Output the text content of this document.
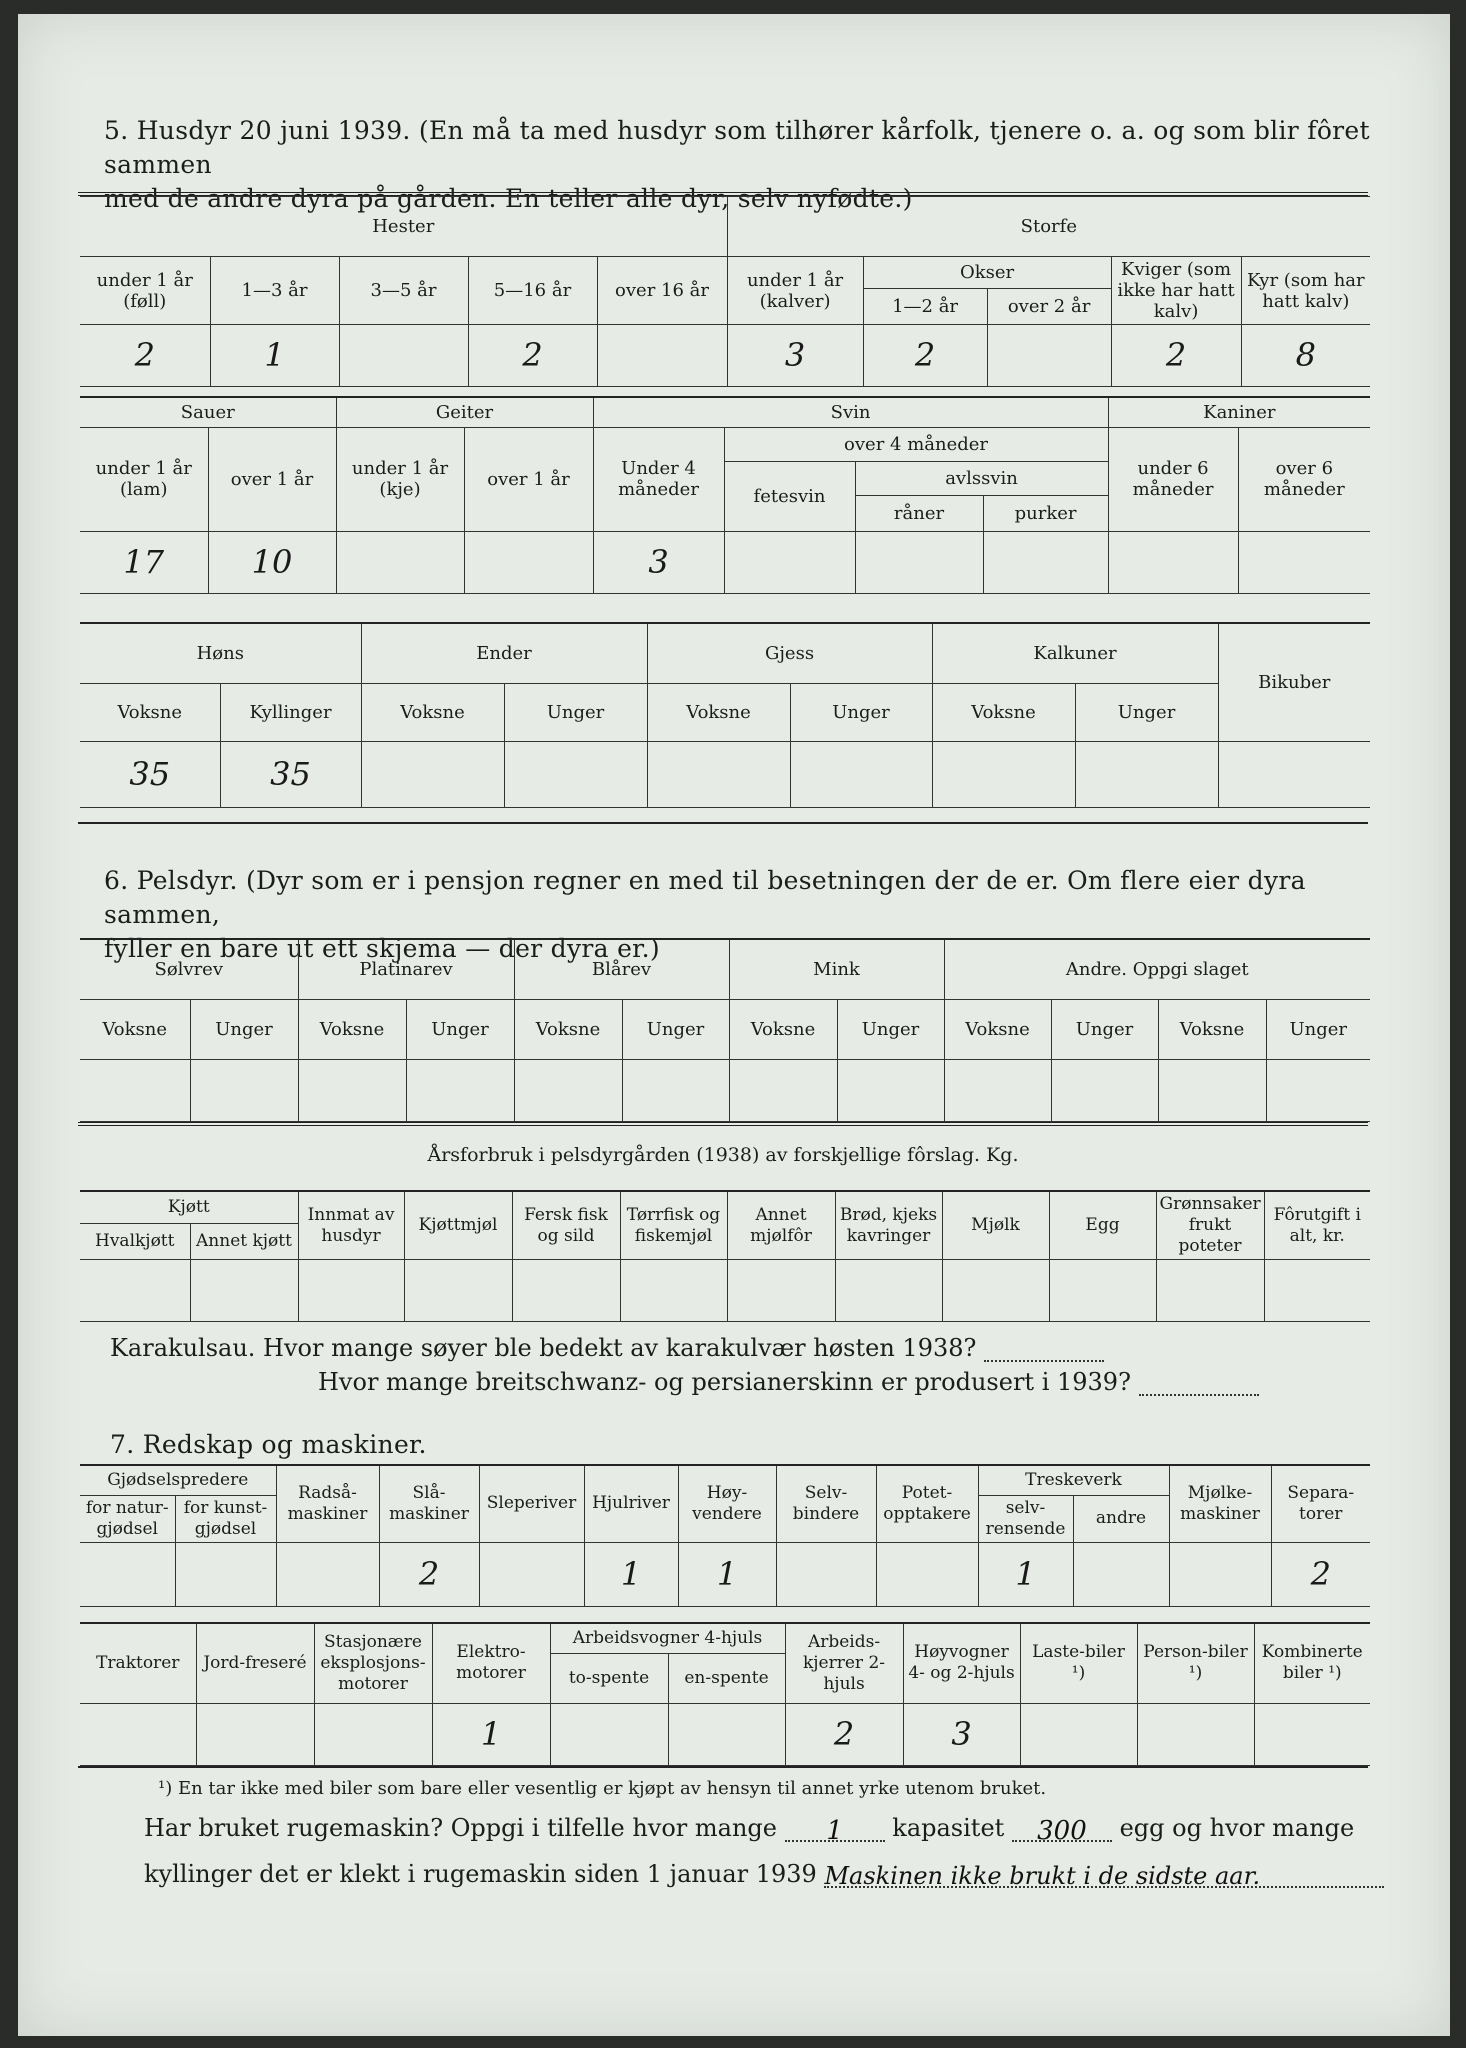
5. Husdyr 20 juni 1939. (En må ta med husdyr som tilhører kårfolk, tjenere o. a. og som blir fôret sammen
med de andre dyra på gården. En teller alle dyr, selv nyfødte.)
Hester					Storfe				
under 1 år (føll)	1—3 år	3—5 år	5—16 år	over 16 år	under 1 år (kalver)	Okser		Kviger (som ikke har hatt kalv)	Kyr (som har hatt kalv)
						1—2 år	over 2 år		
2	1		2		3	2		2	8
Sauer		Geiter		Svin				Kaniner	
under 1 år (lam)	over 1 år	under 1 år (kje)	over 1 år	Under 4 måneder	over 4 måneder			under 6 måneder	over 6 måneder
					fetesvin	avlssvin			
						råner	purker		
17	10			3					
Høns		Ender		Gjess		Kalkuner		Bikuber
Voksne	Kyllinger	Voksne	Unger	Voksne	Unger	Voksne	Unger	
35	35							
6. Pelsdyr. (Dyr som er i pensjon regner en med til besetningen der de er. Om flere eier dyra sammen,
fyller en bare ut ett skjema — der dyra er.)
Sølvrev		Platinarev		Blårev		Mink		Andre. Oppgi slaget			
Voksne	Unger	Voksne	Unger	Voksne	Unger	Voksne	Unger	Voksne	Unger	Voksne	Unger

Årsforbruk i pelsdyrgården (1938) av forskjellige fôrslag. Kg.
Kjøtt		Innmat av husdyr	Kjøttmjøl	Fersk fisk og sild	Tørrfisk og fiskemjøl	Annet mjølfôr	Brød, kjeks kavringer	Mjølk	Egg	Grønnsaker frukt poteter	Fôrutgift i alt, kr.
Hvalkjøtt	Annet kjøtt										

Karakulsau. Hvor mange søyer ble bedekt av karakulvær høsten 1938?
Hvor mange breitschwanz- og persianerskinn er produsert i 1939?
7. Redskap og maskiner.
Gjødselspredere		Radså-maskiner	Slå-maskiner	Sleperiver	Hjulriver	Høy-vendere	Selv-bindere	Potet-opptakere	Treskeverk		Mjølke-maskiner	Separa-torer
for natur-gjødsel	for kunst-gjødsel								selv-rensende	andre		
			2		1	1			1			2
Traktorer	Jord-freseré	Stasjonære eksplosjons-motorer	Elektro-motorer	Arbeidsvogner 4-hjuls		Arbeids-kjerrer 2-hjuls	Høyvogner 4- og 2-hjuls	Laste-biler ¹)	Person-biler ¹)	Kombinerte biler ¹)
				to-spente	en-spente					
			1			2	3			
¹) En tar ikke med biler som bare eller vesentlig er kjøpt av hensyn til annet yrke utenom bruket.
Har bruket rugemaskin? Oppgi i tilfelle hvor mange 1 kapasitet 300 egg og hvor mange
kyllinger det er klekt i rugemaskin siden 1 januar 1939 Maskinen ikke brukt i de sidste aar.
